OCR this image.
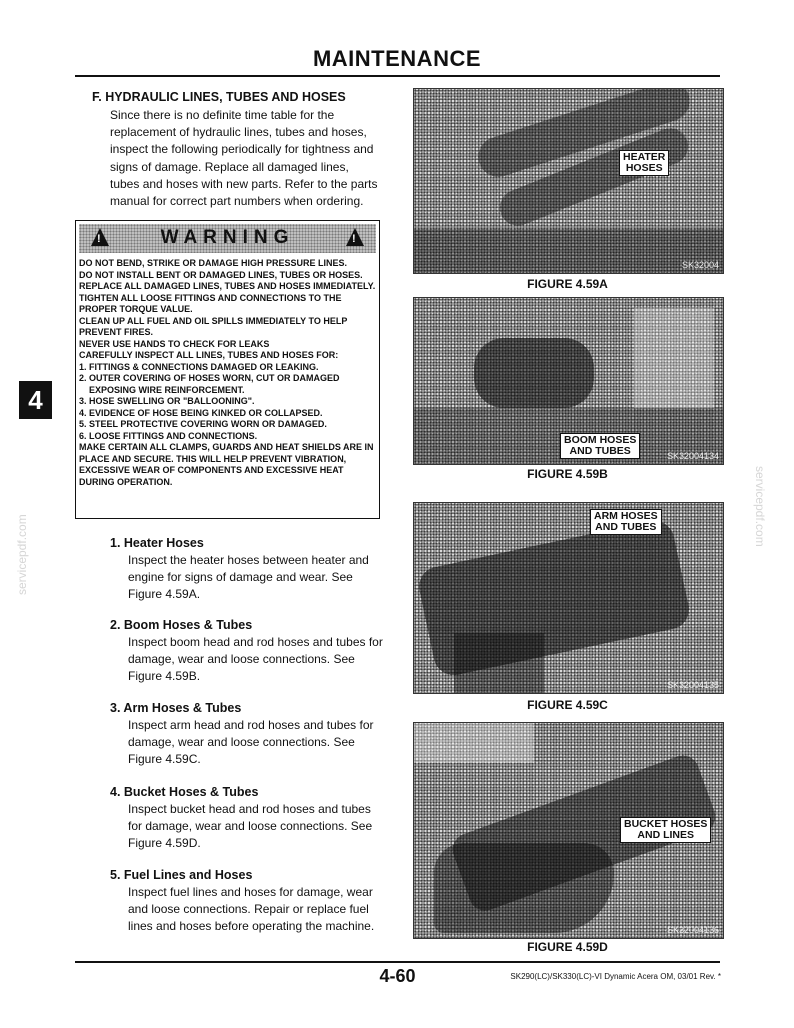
MAINTENANCE
4
servicepdf.com
servicepdf.com
F. HYDRAULIC LINES, TUBES AND HOSES
Since there is no definite time table for the replacement of hydraulic lines, tubes and hoses, inspect the following periodically for tightness and signs of damage. Replace all damaged lines, tubes and hoses with new parts. Refer to the parts manual for correct part numbers when ordering.
!	WARNING	!
DO NOT BEND, STRIKE OR DAMAGE HIGH PRESSURE LINES.
DO NOT INSTALL BENT OR DAMAGED LINES, TUBES OR HOSES.
REPLACE ALL DAMAGED LINES, TUBES AND HOSES IMMEDIATELY.
TIGHTEN ALL LOOSE FITTINGS AND CONNECTIONS TO THE PROPER TORQUE VALUE.
CLEAN UP ALL FUEL AND OIL SPILLS IMMEDIATELY TO HELP PREVENT FIRES.
NEVER USE HANDS TO CHECK FOR LEAKS
CAREFULLY INSPECT ALL LINES, TUBES AND HOSES FOR:
1. FITTINGS & CONNECTIONS DAMAGED OR LEAKING.
2. OUTER COVERING OF HOSES WORN, CUT OR DAMAGED EXPOSING WIRE REINFORCEMENT.
3. HOSE SWELLING OR "BALLOONING".
4. EVIDENCE OF HOSE BEING KINKED OR COLLAPSED.
5. STEEL PROTECTIVE COVERING WORN OR DAMAGED.
6. LOOSE FITTINGS AND CONNECTIONS.
MAKE CERTAIN ALL CLAMPS, GUARDS AND HEAT SHIELDS ARE IN PLACE AND SECURE. THIS WILL HELP PREVENT VIBRATION, EXCESSIVE WEAR OF COMPONENTS AND EXCESSIVE HEAT DURING OPERATION.
1. Heater Hoses
Inspect the heater hoses between heater and engine for signs of damage and wear. See Figure 4.59A.
2. Boom Hoses & Tubes
Inspect boom head and rod hoses and tubes for damage, wear and loose connections. See Figure 4.59B.
3. Arm Hoses & Tubes
Inspect arm head and rod hoses and tubes for damage, wear and loose connections. See Figure 4.59C.
4. Bucket Hoses & Tubes
Inspect bucket head and rod hoses and tubes for damage, wear and loose connections. See Figure 4.59D.
5. Fuel Lines and Hoses
Inspect fuel lines and hoses for damage, wear and loose connections. Repair or replace fuel lines and hoses before operating the machine.
HEATER
HOSES
SK32004
FIGURE 4.59A
BOOM HOSES
AND TUBES	SK32004134
FIGURE 4.59B
ARM HOSES
AND TUBES
SK32004135
FIGURE 4.59C
BUCKET HOSES
AND LINES
SK32004136
FIGURE 4.59D
4-60	SK290(LC)/SK330(LC)-VI Dynamic Acera OM, 03/01 Rev. *
